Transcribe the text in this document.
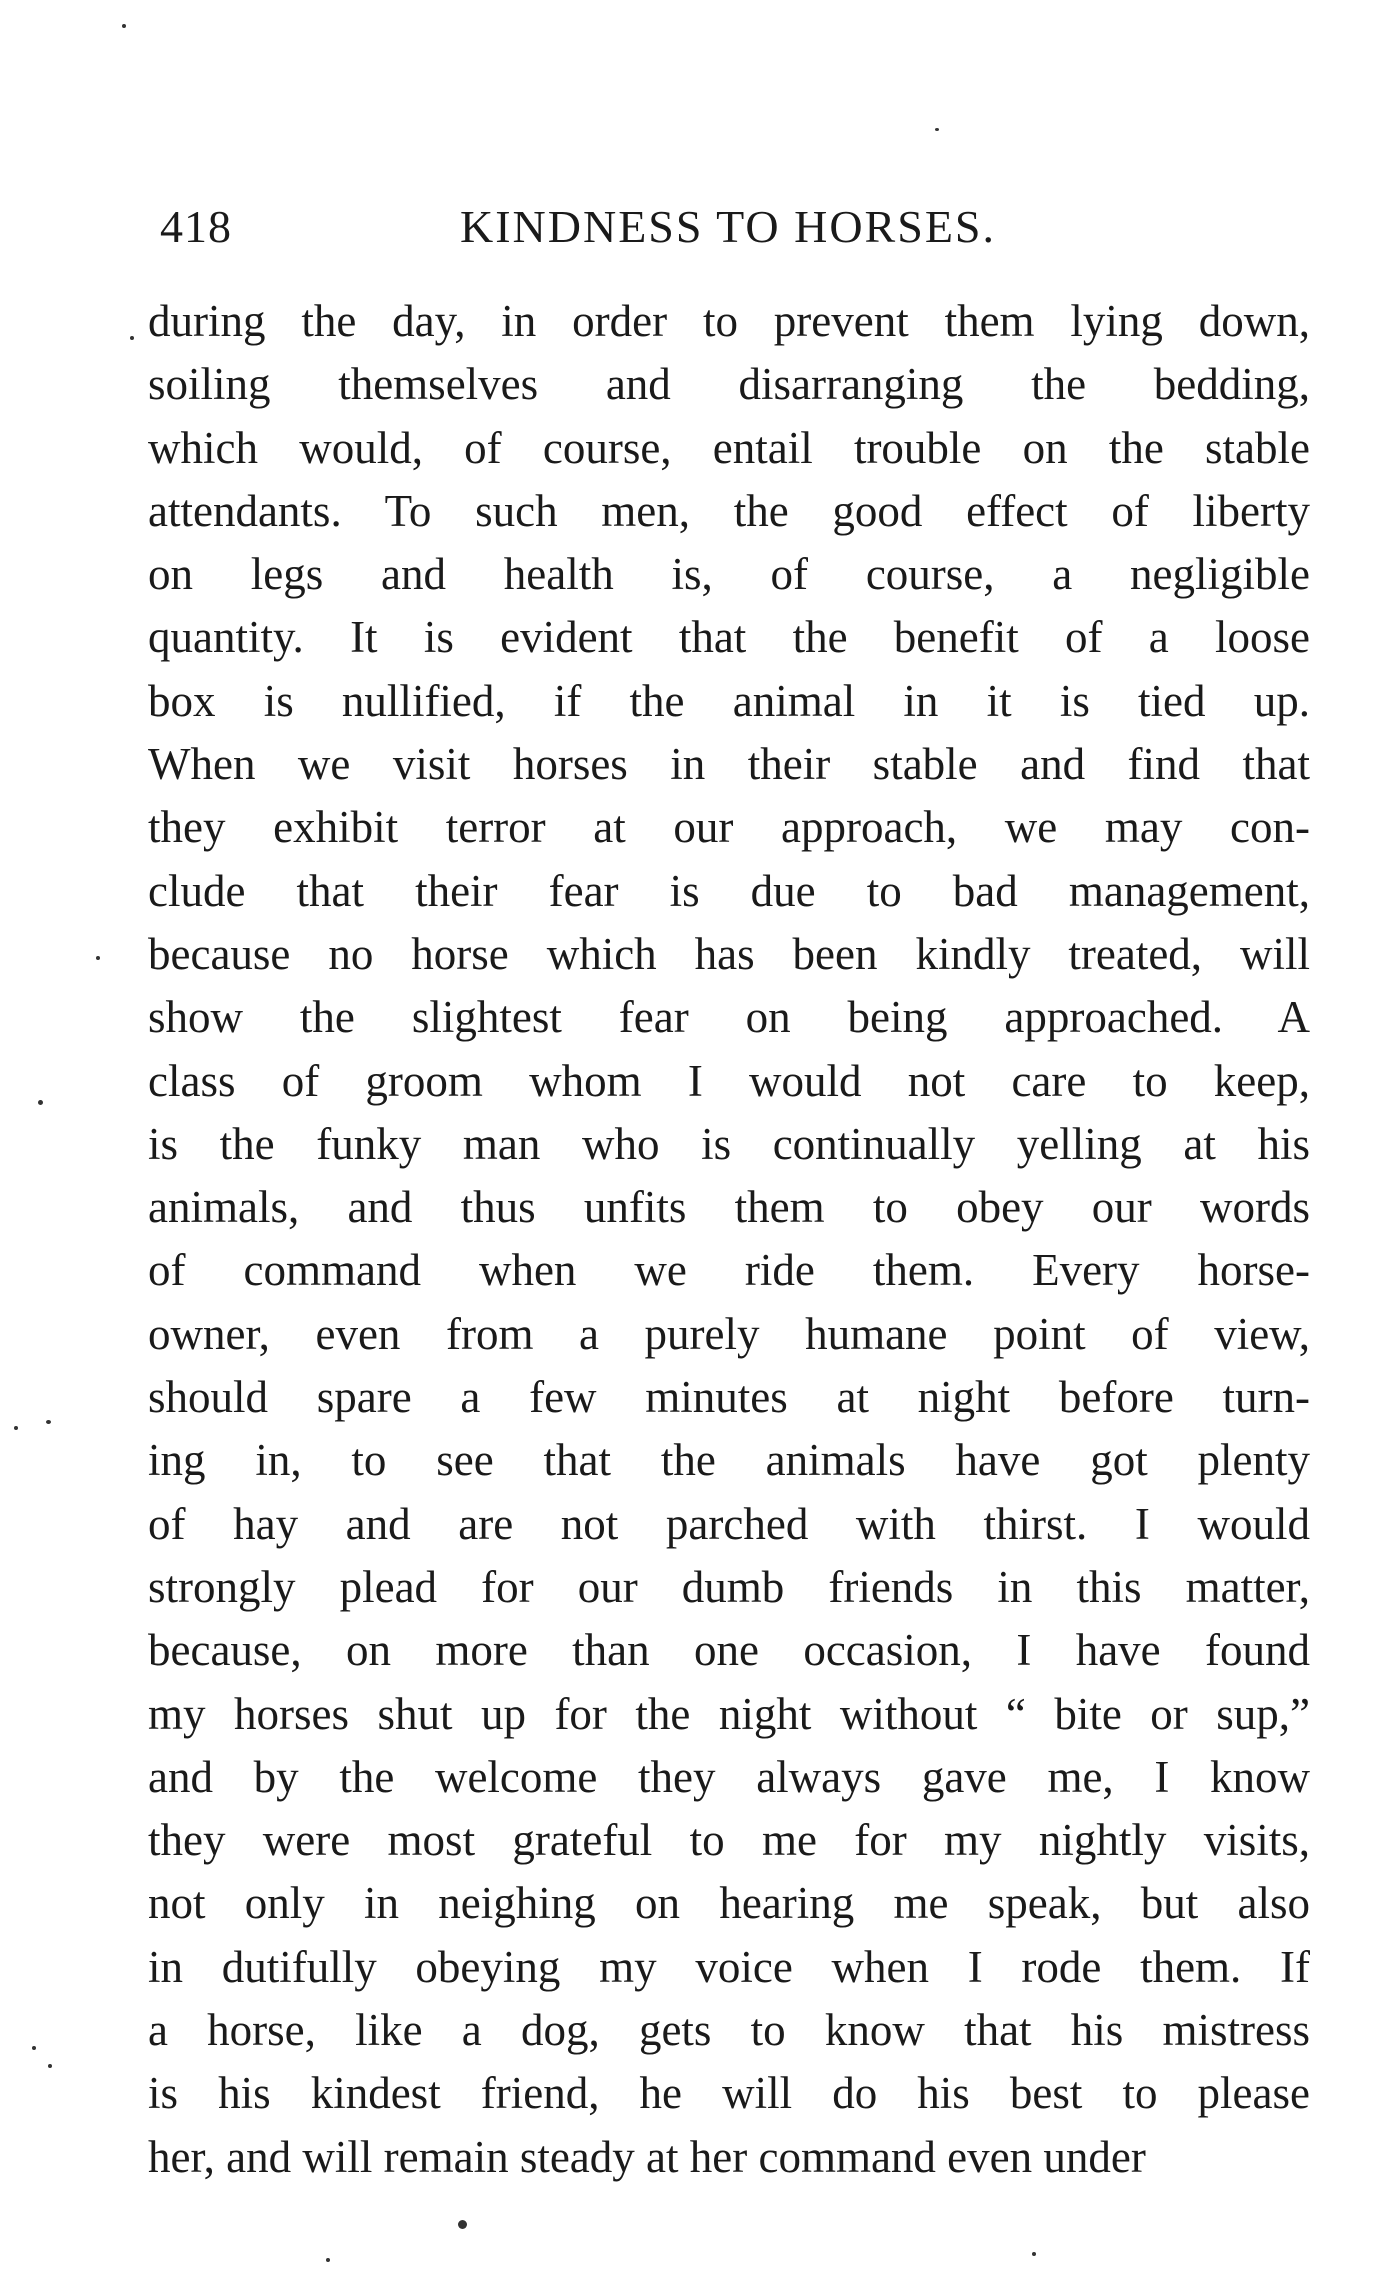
418	KINDNESS TO HORSES.
during the day, in order to prevent them lying down,
soiling themselves and disarranging the bedding,
which would, of course, entail trouble on the stable
attendants. To such men, the good effect of liberty
on legs and health is, of course, a negligible
quantity. It is evident that the benefit of a loose
box is nullified, if the animal in it is tied up.
When we visit horses in their stable and find that
they exhibit terror at our approach, we may con-
clude that their fear is due to bad management,
because no horse which has been kindly treated, will
show the slightest fear on being approached. A
class of groom whom I would not care to keep,
is the funky man who is continually yelling at his
animals, and thus unfits them to obey our words
of command when we ride them. Every horse-
owner, even from a purely humane point of view,
should spare a few minutes at night before turn-
ing in, to see that the animals have got plenty
of hay and are not parched with thirst. I would
strongly plead for our dumb friends in this matter,
because, on more than one occasion, I have found
my horses shut up for the night without “ bite or sup,”
and by the welcome they always gave me, I know
they were most grateful to me for my nightly visits,
not only in neighing on hearing me speak, but also
in dutifully obeying my voice when I rode them. If
a horse, like a dog, gets to know that his mistress
is his kindest friend, he will do his best to please
her, and will remain steady at her command even under
